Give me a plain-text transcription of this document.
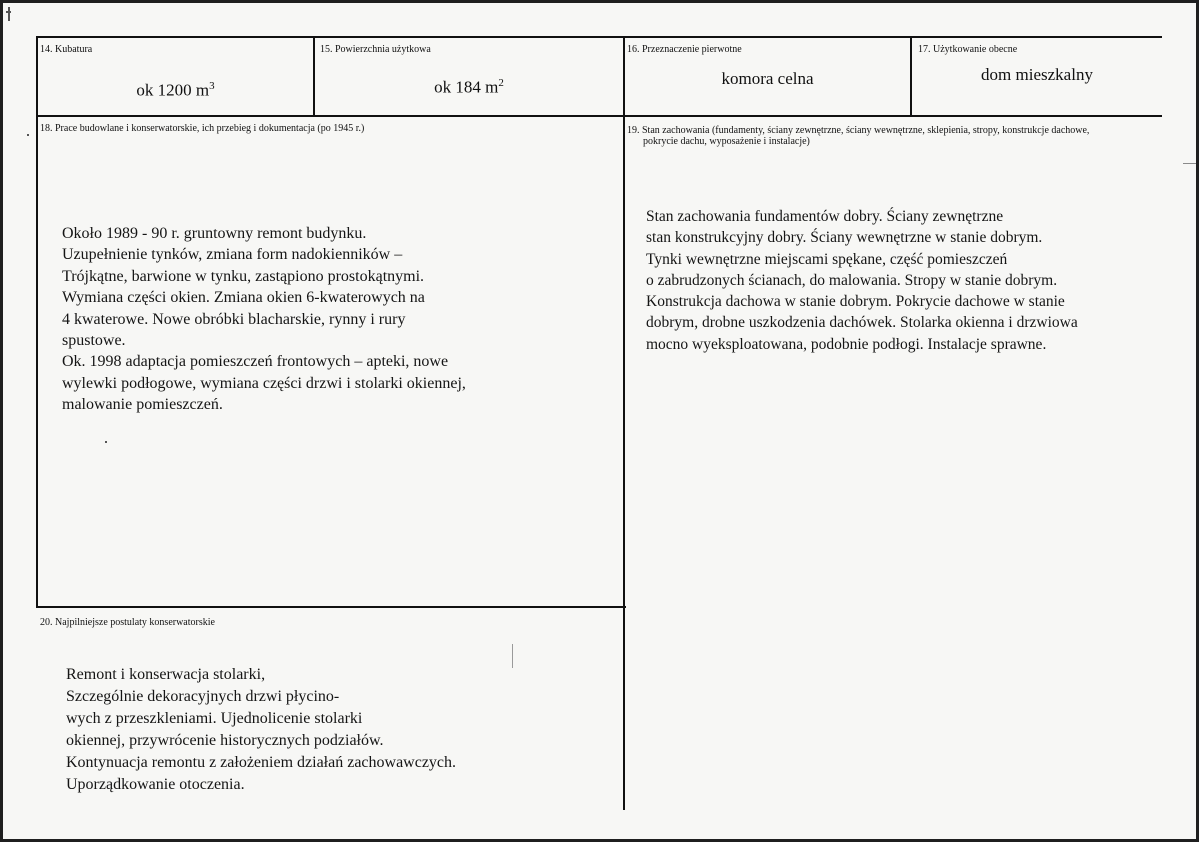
14. Kubatura
ok 1200 $m^3$
15. Powierzchnia użytkowa
ok 184 $m^2$
16. Przeznaczenie pierwotne
komora celna
17. Użytkowanie obecne
dom mieszkalny
18. Prace budowlane i konserwatorskie, ich przebieg i dokumentacja (po 1945 r.)
Około 1989 - 90 r. gruntowny remont budynku.
Uzupełnienie tynków, zmiana form nadokienników –
Trójkątne, barwione w tynku, zastąpiono prostokątnymi.
Wymiana części okien. Zmiana okien 6-kwaterowych na
4 kwaterowe. Nowe obróbki blacharskie, rynny i rury
spustowe.
Ok. 1998 adaptacja pomieszczeń frontowych – apteki, nowe
wylewki podłogowe, wymiana części drzwi i stolarki okiennej,
malowanie pomieszczeń.
19. Stan zachowania (fundamenty, ściany zewnętrzne, ściany wewnętrzne, sklepienia, stropy, konstrukcje dachowe,
pokrycie dachu, wyposażenie i instalacje)
Stan zachowania fundamentów dobry. Ściany zewnętrzne
stan konstrukcyjny dobry. Ściany wewnętrzne w stanie dobrym.
Tynki wewnętrzne miejscami spękane, część pomieszczeń
o zabrudzonych ścianach, do malowania. Stropy w stanie dobrym.
Konstrukcja dachowa w stanie dobrym. Pokrycie dachowe w stanie
dobrym, drobne uszkodzenia dachówek. Stolarka okienna i drzwiowa
mocno wyeksploatowana, podobnie podłogi. Instalacje sprawne.
20. Najpilniejsze postulaty konserwatorskie
Remont i konserwacja stolarki,
Szczególnie dekoracyjnych drzwi płycino-
wych z przeszkleniami. Ujednolicenie stolarki
okiennej, przywrócenie historycznych podziałów.
Kontynuacja remontu z założeniem działań zachowawczych.
Uporządkowanie otoczenia.
